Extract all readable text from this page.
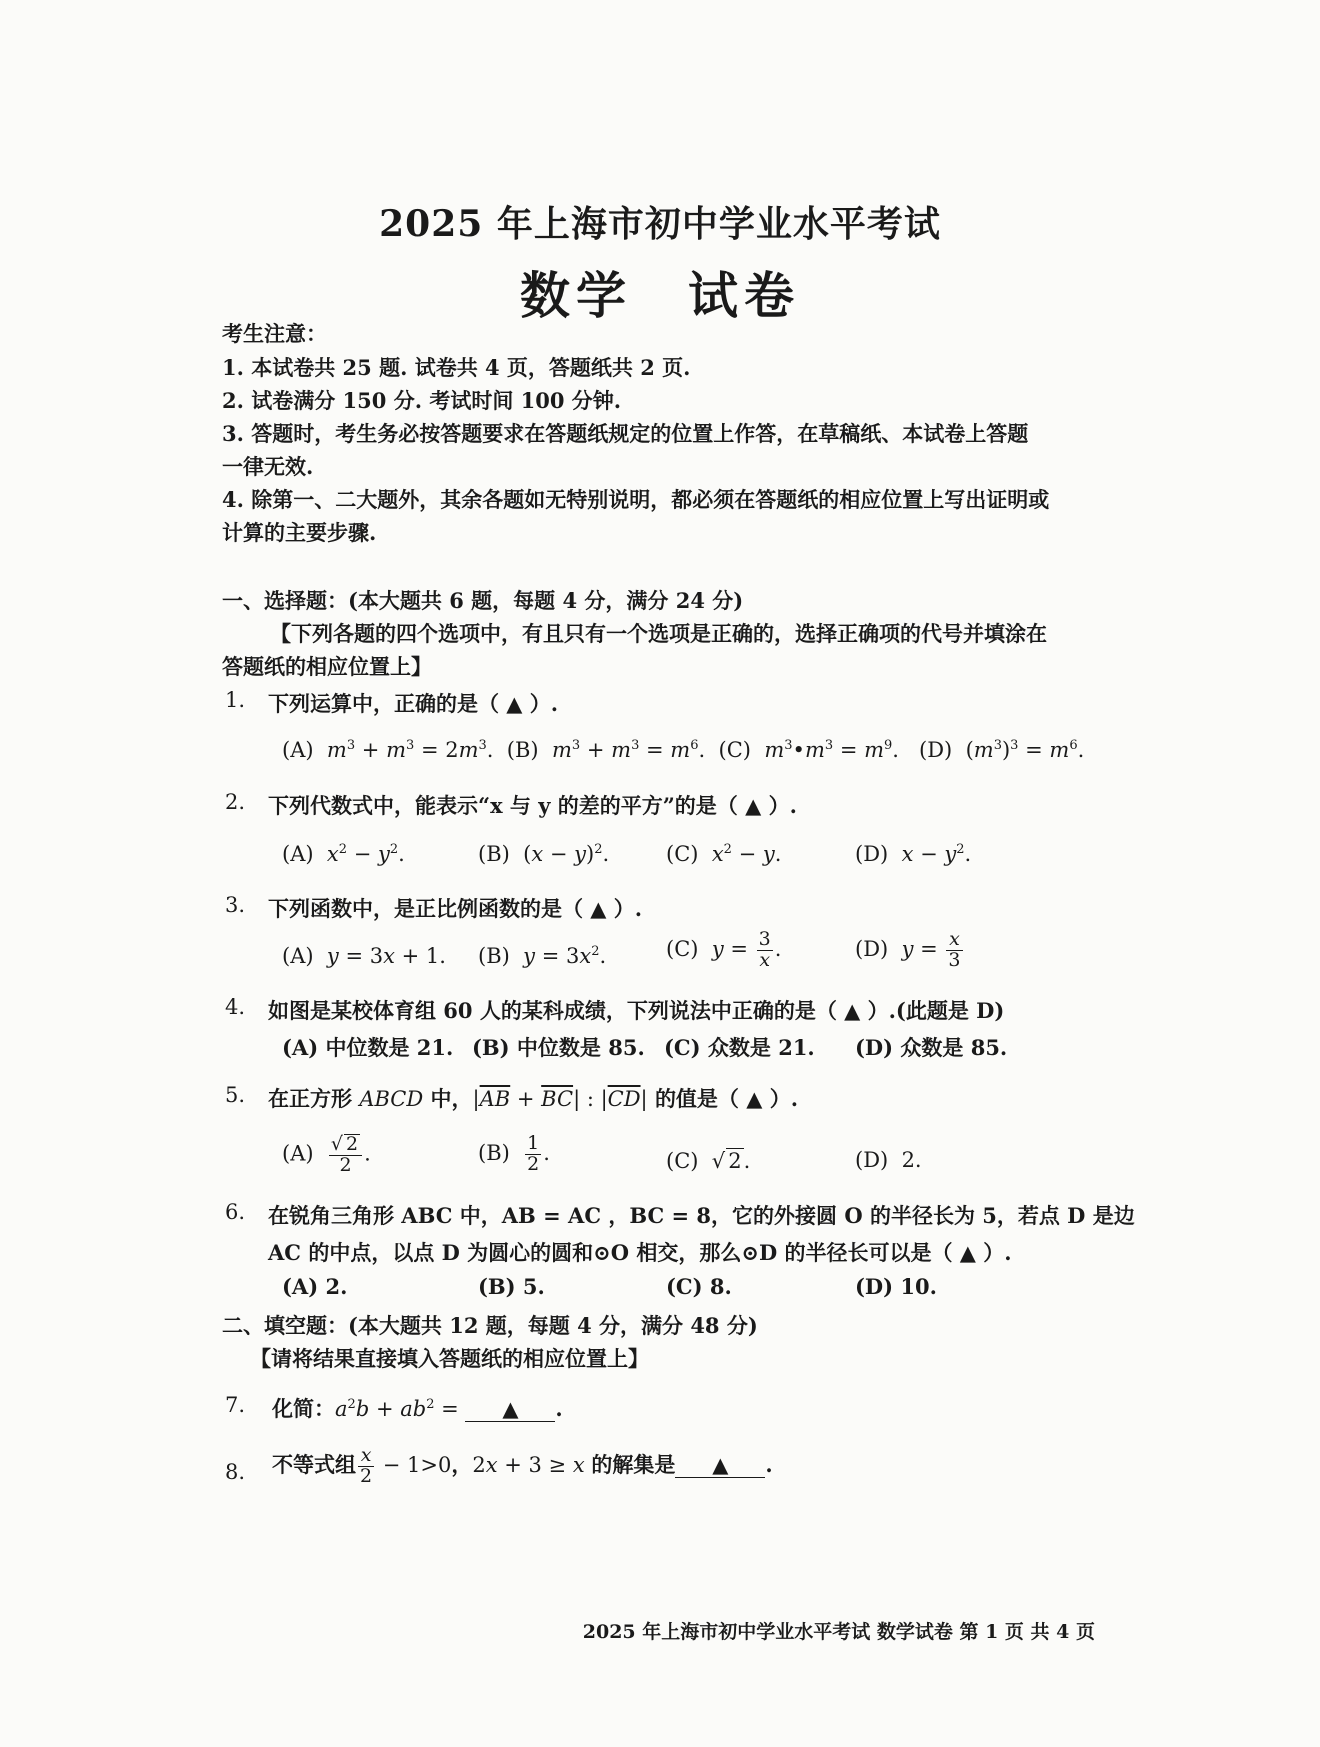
2025 年上海市初中学业水平考试
数学　试卷
考生注意：
1. 本试卷共 25 题. 试卷共 4 页，答题纸共 2 页.
2. 试卷满分 150 分. 考试时间 100 分钟.
3. 答题时，考生务必按答题要求在答题纸规定的位置上作答，在草稿纸、本试卷上答题
一律无效.
4. 除第一、二大题外，其余各题如无特别说明，都必须在答题纸的相应位置上写出证明或
计算的主要步骤.
一、选择题：(本大题共 6 题，每题 4 分，满分 24 分)
【下列各题的四个选项中，有且只有一个选项是正确的，选择正确项的代号并填涂在
答题纸的相应位置上】
1. 下列运算中，正确的是（ ▲ ）.
(A)  $m^3 + m^3 = 2m^3$.  (B)  $m^3 + m^3 = m^6$.  (C)  $m^3•m^3 = m^9$.   (D)  $(m^3)^3 = m^6$.
2. 下列代数式中，能表示“x 与 y 的差的平方”的是（ ▲ ）.
(A)  $x^2 - y^2$.	(B)  $(x - y)^2$.	(C)  $x^2 - y$.	(D)  $x - y^2$.
3. 下列函数中，是正比例函数的是（ ▲ ）.
(A)  y = 3x + 1. (B)  $y = 3x^2$.	(C)  $y = \frac{3}{x}$ .	(D)  $y = \frac{x}{3}$
4. 如图是某校体育组 60 人的某科成绩，下列说法中正确的是（ ▲ ）.(此题是 D)
(A) 中位数是 21. (B) 中位数是 85. (C) 众数是 21. (D) 众数是 85.
5. 在正方形 ABCD 中，$|\overline{AB} + \overline{BC}|$ : $|\overline{CD}|$ 的值是（ ▲ ）.
$(A) \frac{√ 2}{2}$ .	$(B) \frac{1}{2}$ .	(C)  √ 2.	(D)  2.
6. 在锐角三角形 ABC 中，AB = AC ，BC = 8，它的外接圆 O 的半径长为 5，若点 D 是边
AC 的中点，以点 D 为圆心的圆和⊙O 相交，那么⊙D 的半径长可以是（ ▲ ）.
(A) 2.	(B) 5.	(C) 8.	(D) 10.
二、填空题：(本大题共 12 题，每题 4 分，满分 48 分)
【请将结果直接填入答题纸的相应位置上】
7. 化简：$a^2b + ab^2$ = ▲ .
8. 不等式组 $\frac{x}{2} - 1>0$，2x + 3 ≥ x 的解集是 ▲ .
2025 年上海市初中学业水平考试 数学试卷 第 1 页 共 4 页
